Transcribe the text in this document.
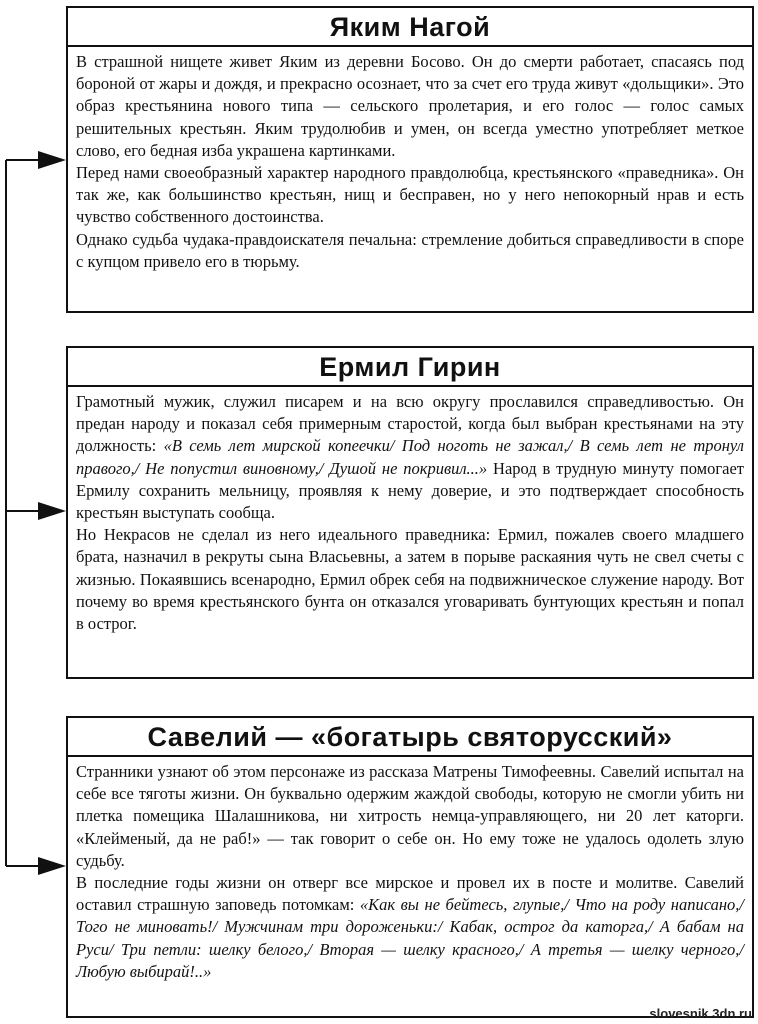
Яким Нагой

В страшной нищете живет Яким из деревни Босово. Он до смерти работает, спасаясь под бороной от жары и дождя, и прекрасно осознает, что за счет его труда живут «дольщики». Это образ крестьянина нового типа — сельского пролетария, и его голос — голос самых решительных крестьян. Яким трудолюбив и умен, он всегда уместно употребляет меткое слово, его бедная изба украшена картинками.

Перед нами своеобразный характер народного правдолюбца, крестьянского «праведника». Он так же, как большинство крестьян, нищ и бесправен, но у него непокорный нрав и есть чувство собственного достоинства.

Однако судьба чудака-правдоискателя печальна: стремление добиться справедливости в споре с купцом привело его в тюрьму.

Ермил Гирин

Грамотный мужик, служил писарем и на всю округу прославился справедливостью. Он предан народу и показал себя примерным старостой, когда был выбран крестьянами на эту должность: «В семь лет мирской копеечки/ Под ноготь не зажал,/ В семь лет не тронул правого,/ Не попустил виновному,/ Душой не покривил...» Народ в трудную минуту помогает Ермилу сохранить мельницу, проявляя к нему доверие, и это подтверждает способность крестьян выступать сообща.

Но Некрасов не сделал из него идеального праведника: Ермил, пожалев своего младшего брата, назначил в рекруты сына Власьевны, а затем в порыве раскаяния чуть не свел счеты с жизнью. Покаявшись всенародно, Ермил обрек себя на подвижническое служение народу. Вот почему во время крестьянского бунта он отказался уговаривать бунтующих крестьян и попал в острог.

Савелий — «богатырь святорусский»

Странники узнают об этом персонаже из рассказа Матрены Тимофеевны. Савелий испытал на себе все тяготы жизни. Он буквально одержим жаждой свободы, которую не смогли убить ни плетка помещика Шалашникова, ни хитрость немца-управляющего, ни 20 лет каторги. «Клейменый, да не раб!» — так говорит о себе он. Но ему тоже не удалось одолеть злую судьбу.

В последние годы жизни он отверг все мирское и провел их в посте и молитве. Савелий оставил страшную заповедь потомкам: «Как вы не бейтесь, глупые,/ Что на роду написано,/ Того не миновать!/ Мужчинам три дороженьки:/ Кабак, острог да каторга,/ А бабам на Руси/ Три петли: шелку белого,/ Вторая — шелку красного,/ А третья — шелку черного,/ Любую выбирай!..»

slovesnik.3dn.ru
